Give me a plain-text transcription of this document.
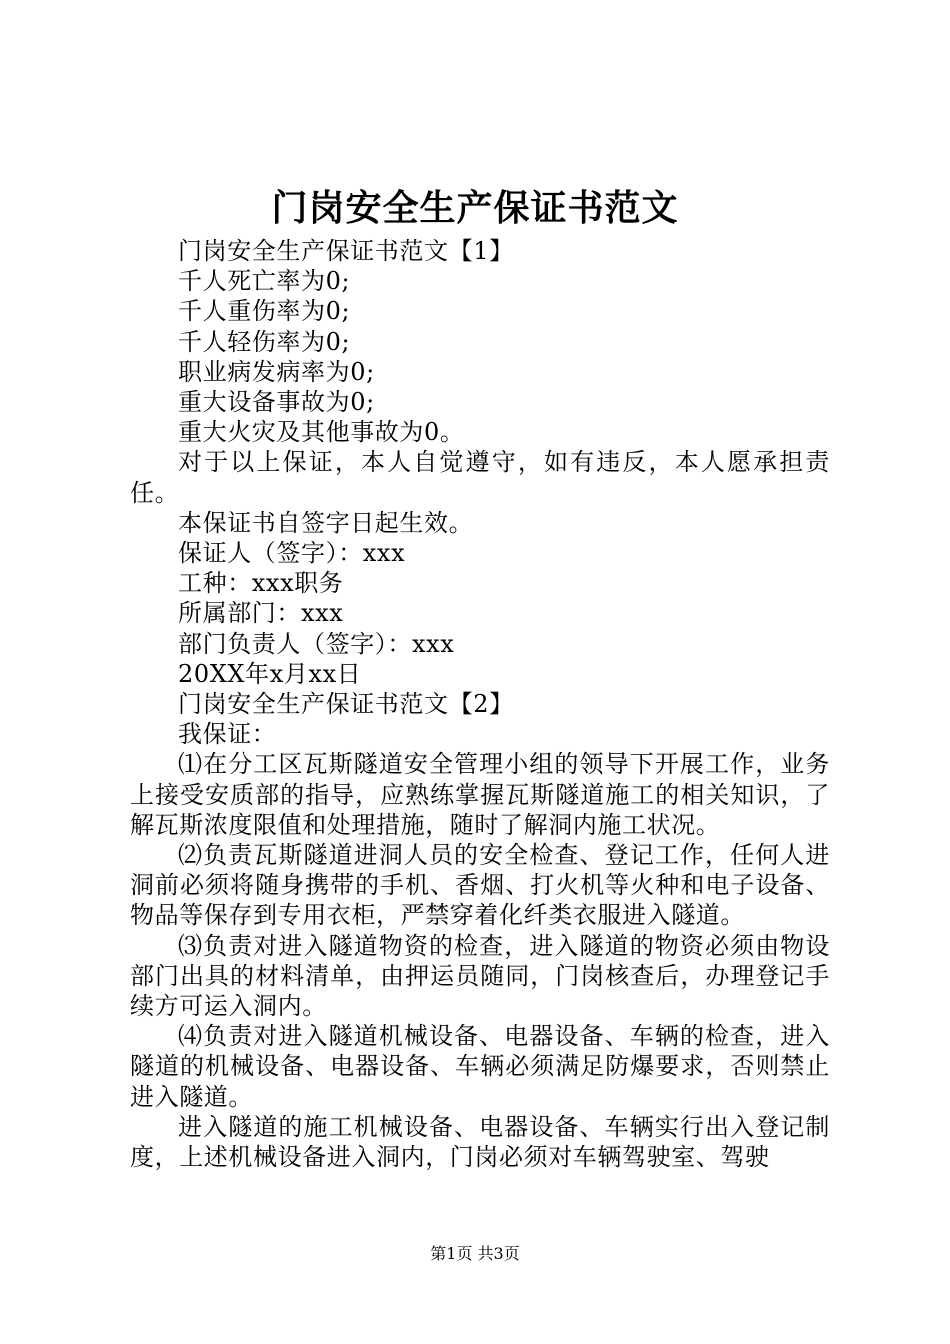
门岗安全生产保证书范文

门岗安全生产保证书范文【1】

千人死亡率为0;

千人重伤率为0;

千人轻伤率为0;

职业病发病率为0;

重大设备事故为0;

重大火灾及其他事故为0。

对于以上保证，本人自觉遵守，如有违反，本人愿承担责任。

本保证书自签字日起生效。

保证人（签字）：xxx

工种：xxx职务

所属部门：xxx

部门负责人（签字）：xxx

20XX年x月xx日

门岗安全生产保证书范文【2】

我保证：

⑴在分工区瓦斯隧道安全管理小组的领导下开展工作，业务上接受安质部的指导，应熟练掌握瓦斯隧道施工的相关知识，了解瓦斯浓度限值和处理措施，随时了解洞内施工状况。

⑵负责瓦斯隧道进洞人员的安全检查、登记工作，任何人进洞前必须将随身携带的手机、香烟、打火机等火种和电子设备、物品等保存到专用衣柜，严禁穿着化纤类衣服进入隧道。

⑶负责对进入隧道物资的检查，进入隧道的物资必须由物设部门出具的材料清单，由押运员随同，门岗核查后，办理登记手续方可运入洞内。

⑷负责对进入隧道机械设备、电器设备、车辆的检查，进入隧道的机械设备、电器设备、车辆必须满足防爆要求，否则禁止进入隧道。

进入隧道的施工机械设备、电器设备、车辆实行出入登记制度，上述机械设备进入洞内，门岗必须对车辆驾驶室、驾驶

第1页 共3页
